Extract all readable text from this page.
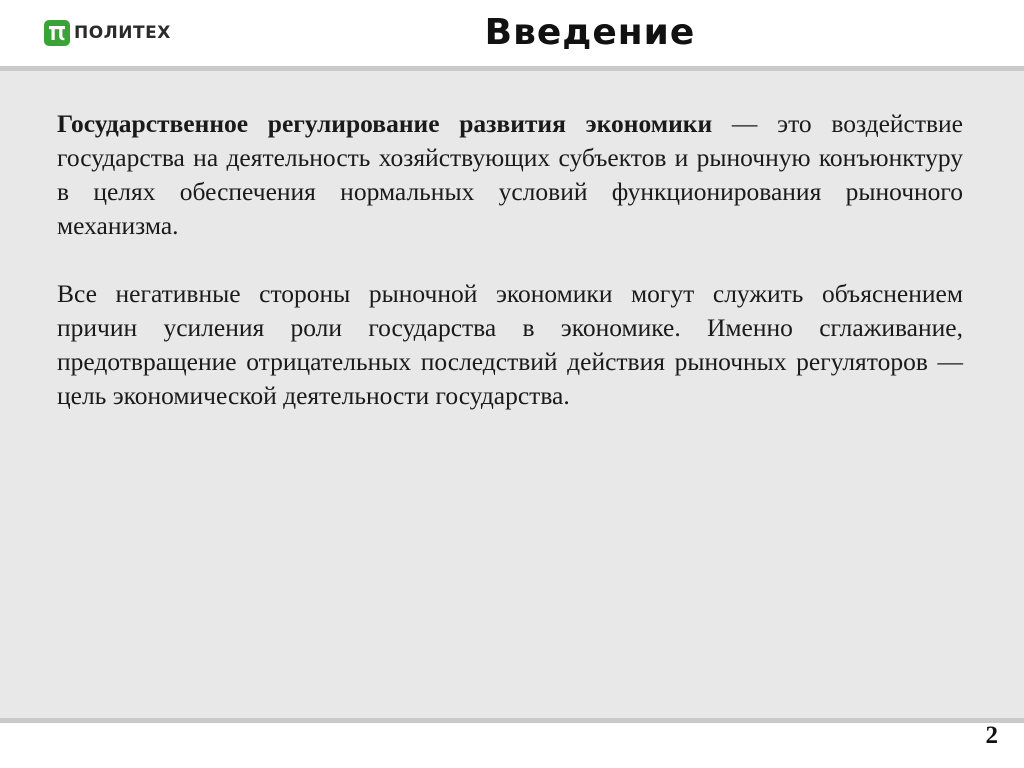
ПОЛИТЕХ	Введение

Государственное регулирование развития экономики — это воздействие государства на деятельность хозяйствующих субъектов и рыночную конъюнктуру в целях обеспечения нормальных условий функционирования рыночного механизма.

Все негативные стороны рыночной экономики могут служить объяснением причин усиления роли государства в экономике. Именно сглаживание, предотвращение отрицательных последствий действия рыночных регуляторов — цель экономической деятельности государства.

2
